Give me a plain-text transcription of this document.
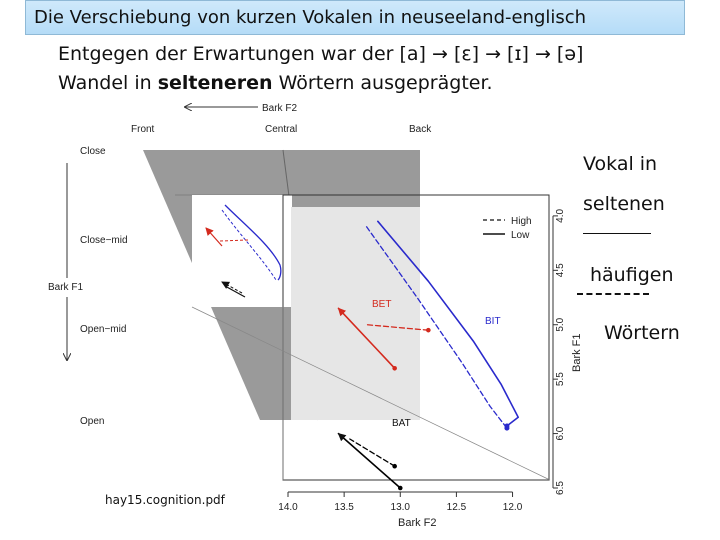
Die Verschiebung von kurzen Vokalen in neuseeland-englisch
Entgegen der Erwartungen war der [a] → [ε] → [ɪ] → [ə]
Wandel in selteneren Wörtern ausgeprägter.
Bark F2
Front	Central	Back
Close
Close−mid
Bark F1
Open−mid
Open
14.0	13.5	13.0	12.5	12.0
4.0
4.5
5.0
5.5
6.0
6.5
Bark F2
Bark F1
BET
BIT
BAT
High
Low
Vokal in
seltenen
häufigen
Wörtern
hay15.cognition.pdf
